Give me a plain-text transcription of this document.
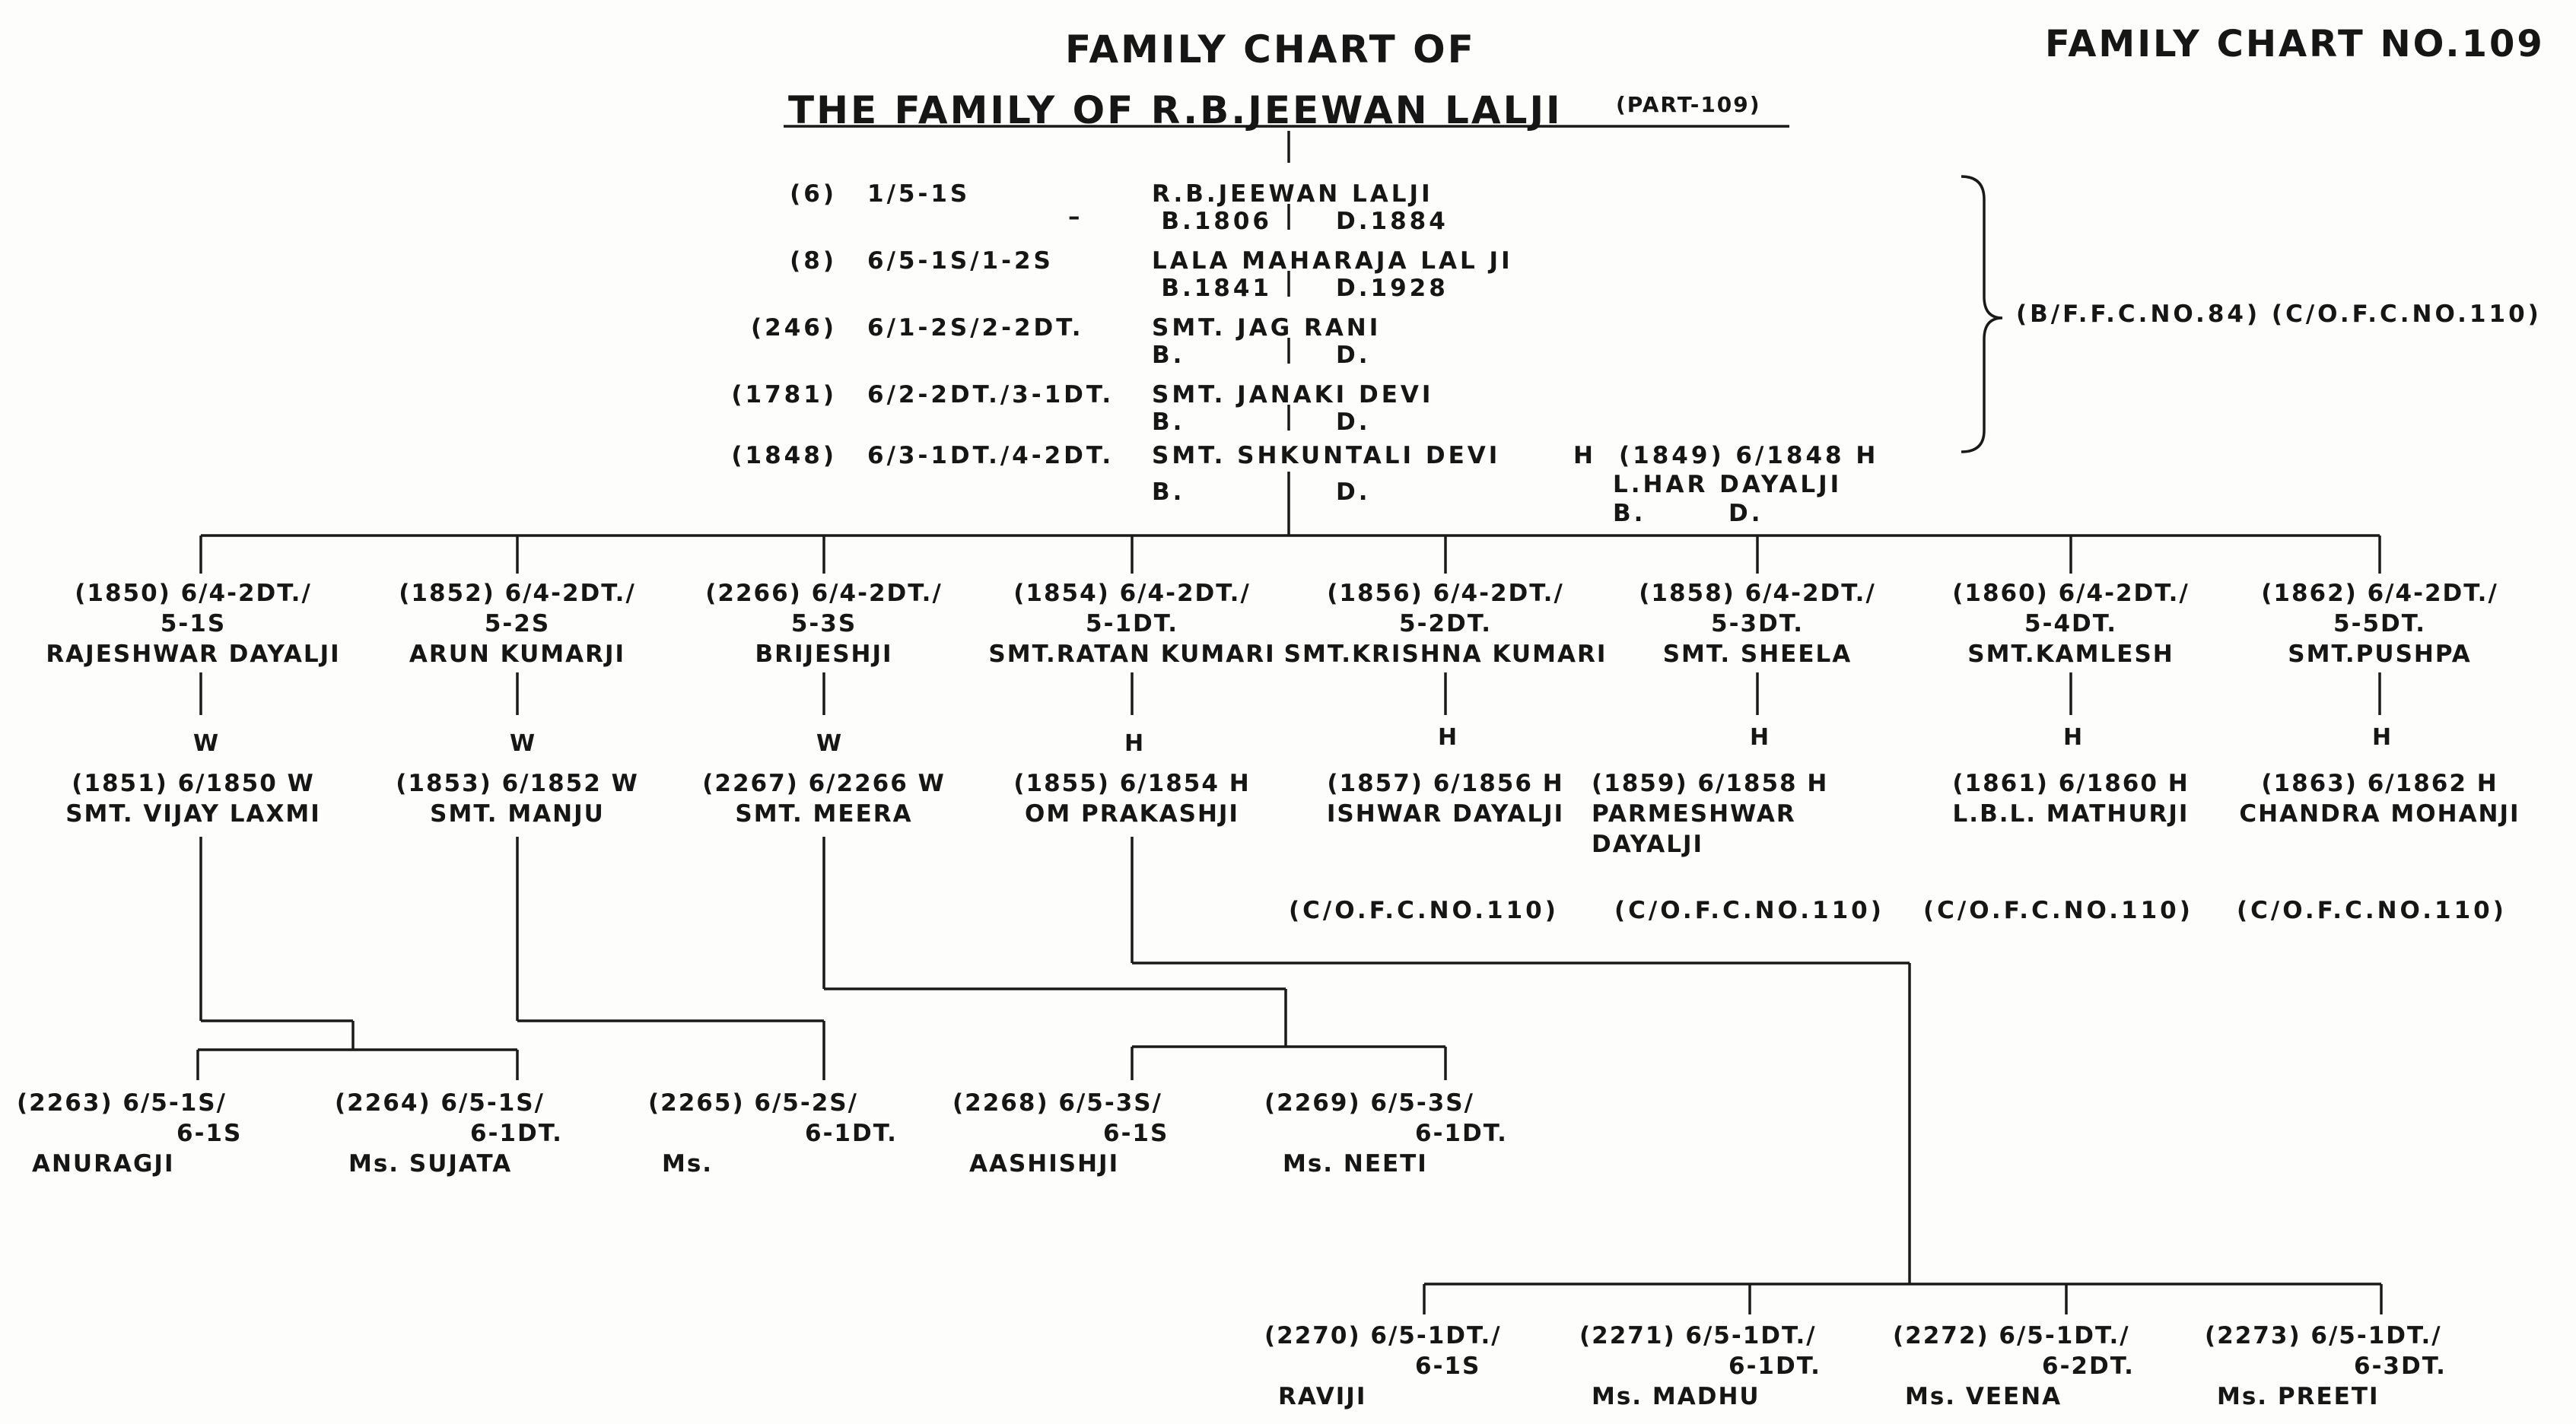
FAMILY CHART OF
THE FAMILY OF R.B.JEEWAN LALJI	(PART-109)
FAMILY CHART NO.109
(6) 1/5-1S
–
R.B.JEEWAN LALJI
B.1806	D.1884
(8) 6/5-1S/1-2S	LALA MAHARAJA LAL JI
B.1841	D.1928
(246) 6/1-2S/2-2DT.	SMT. JAG RANI
B.	D.
(1781) 6/2-2DT./3-1DT. SMT. JANAKI DEVI
B.	D.
(1848) 6/3-1DT./4-2DT. SMT. SHKUNTALI DEVI
B.	D.
H (1849) 6/1848 H
L.HAR DAYALJI
B.	D.
(B/F.F.C.NO.84) (C/O.F.C.NO.110)
(1850) 6/4-2DT./
5-1S
RAJESHWAR DAYALJI
(1852) 6/4-2DT./
5-2S
ARUN KUMARJI
(2266) 6/4-2DT./
5-3S
BRIJESHJI
(1854) 6/4-2DT./
5-1DT.
SMT.RATAN KUMARI
(1856) 6/4-2DT./
5-2DT.
SMT.KRISHNA KUMARI
(1858) 6/4-2DT./
5-3DT.
SMT. SHEELA
(1860) 6/4-2DT./
5-4DT.
SMT.KAMLESH
(1862) 6/4-2DT./
5-5DT.
SMT.PUSHPA
W	W	W	H	H	H	H	H
(1851) 6/1850 W
SMT. VIJAY LAXMI
(1853) 6/1852 W
SMT. MANJU
(2267) 6/2266 W
SMT. MEERA
(1855) 6/1854 H
OM PRAKASHJI
(1857) 6/1856 H
ISHWAR DAYALJI
(1859) 6/1858 H
PARMESHWAR
DAYALJI
(1861) 6/1860 H
L.B.L. MATHURJI
(1863) 6/1862 H
CHANDRA MOHANJI
(C/O.F.C.NO.110) (C/O.F.C.NO.110) (C/O.F.C.NO.110) (C/O.F.C.NO.110)
(2263) 6/5-1S/
6-1S
ANURAGJI
(2264) 6/5-1S/
6-1DT.
Ms. SUJATA
(2265) 6/5-2S/
6-1DT.
Ms.
(2268) 6/5-3S/
6-1S
AASHISHJI
(2269) 6/5-3S/
6-1DT.
Ms. NEETI
(2270) 6/5-1DT./
6-1S
RAVIJI
(2271) 6/5-1DT./
6-1DT.
Ms. MADHU
(2272) 6/5-1DT./
6-2DT.
Ms. VEENA
(2273) 6/5-1DT./
6-3DT.
Ms. PREETI
